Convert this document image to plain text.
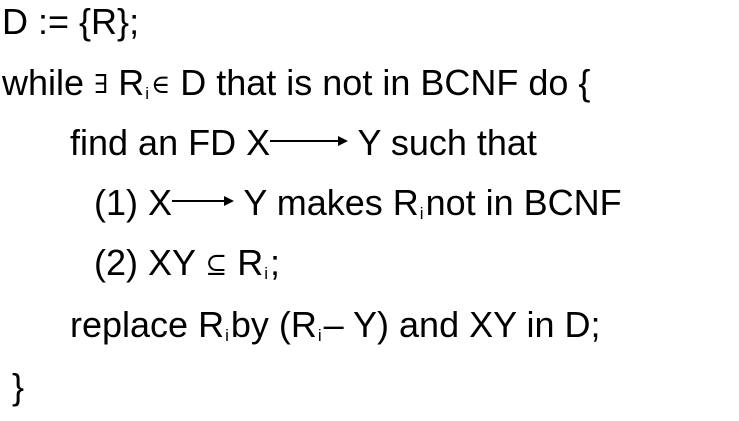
D := {R};
while ∃ Ri∈ D that is not in BCNF do {
find an FD X Y such that
(1) X Y makes Rinot in BCNF
(2) XY ⊆ Ri;
replace Riby (Ri– Y) and XY in D;
}
